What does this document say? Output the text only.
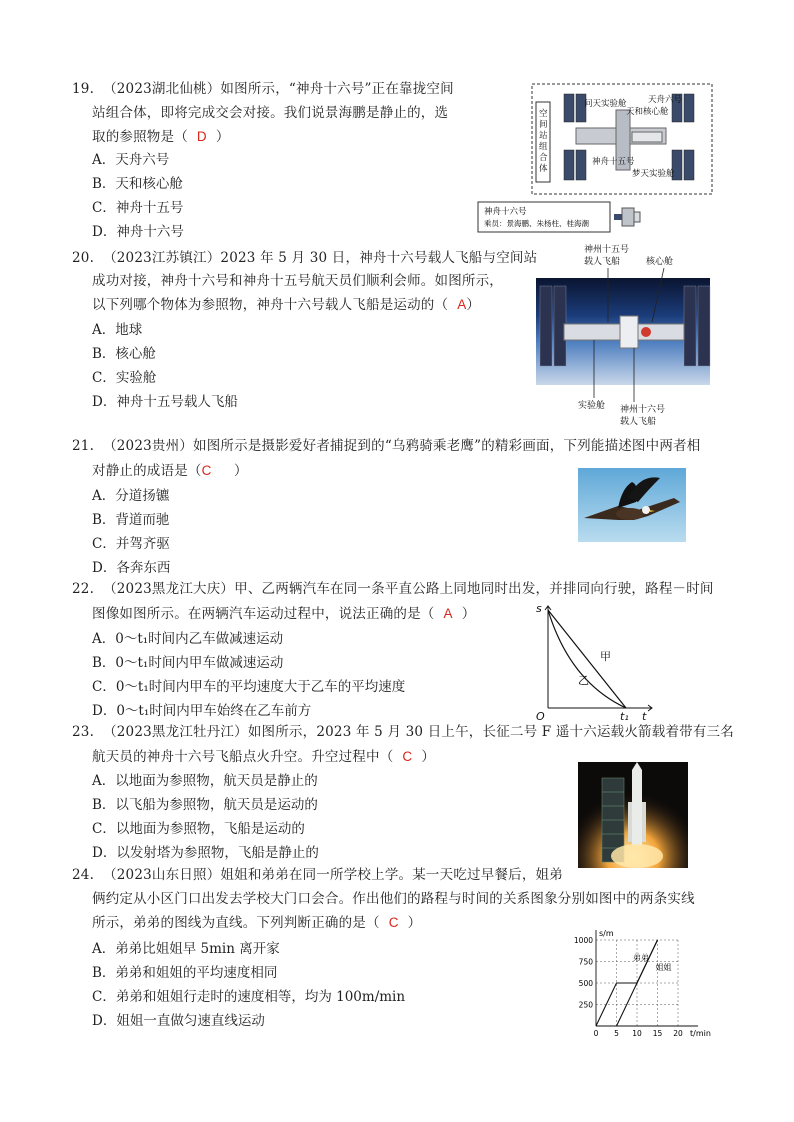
19. （2023湖北仙桃）如图所示，“神舟十六号”正在靠拢空间
站组合体，即将完成交会对接。我们说景海鹏是静止的，选
取的参照物是（ D ）
A．天舟六号
B．天和核心舱
C．神舟十五号
D．神舟十六号
空间站组合体
问天实验舱	天舟六号
天和核心舱
神舟十五号
梦天实验舱
神舟十六号
乘员：景海鹏、朱杨柱、桂海潮
20. （2023江苏镇江）2023 年 5 月 30 日，神舟十六号载人飞船与空间站
成功对接，神舟十六号和神舟十五号航天员们顺利会师。如图所示，
以下列哪个物体为参照物，神舟十六号载人飞船是运动的（ A）
A．地球
B．核心舱
C．实验舱
D．神舟十五号载人飞船
神州十五号
载人飞船	核心舱
实验舱 神州十六号
载人飞船
21. （2023贵州）如图所示是摄影爱好者捕捉到的“乌鸦骑乘老鹰”的精彩画面，下列能描述图中两者相
对静止的成语是（C ）
A．分道扬镳
B．背道而驰
C．并驾齐驱
D．各奔东西
22. （2023黑龙江大庆）甲、乙两辆汽车在同一条平直公路上同地同时出发，并排同向行驶，路程－时间
图像如图所示。在两辆汽车运动过程中，说法正确的是（ A ）
A．0～t₁时间内乙车做减速运动
B．0～t₁时间内甲车做减速运动
C．0～t₁时间内甲车的平均速度大于乙车的平均速度
D．0～t₁时间内甲车始终在乙车前方
s
t
O	t₁
甲
乙
23. （2023黑龙江牡丹江）如图所示，2023 年 5 月 30 日上午，长征二号 F 遥十六运载火箭载着带有三名
航天员的神舟十六号飞船点火升空。升空过程中（ C ）
A．以地面为参照物，航天员是静止的
B．以飞船为参照物，航天员是运动的
C．以地面为参照物，飞船是运动的
D．以发射塔为参照物，飞船是静止的
24. （2023山东日照）姐姐和弟弟在同一所学校上学。某一天吃过早餐后，姐弟
俩约定从小区门口出发去学校大门口会合。作出他们的路程与时间的关系图象分别如图中的两条实线
所示，弟弟的图线为直线。下列判断正确的是（ C ）
A．弟弟比姐姐早 5min 离开家
B．弟弟和姐姐的平均速度相同
C．弟弟和姐姐行走时的速度相等，均为 100m/min
D．姐姐一直做匀速直线运动
1000
750
500
250
0 5 10 15 20
s/m
t/min
弟弟
姐姐
